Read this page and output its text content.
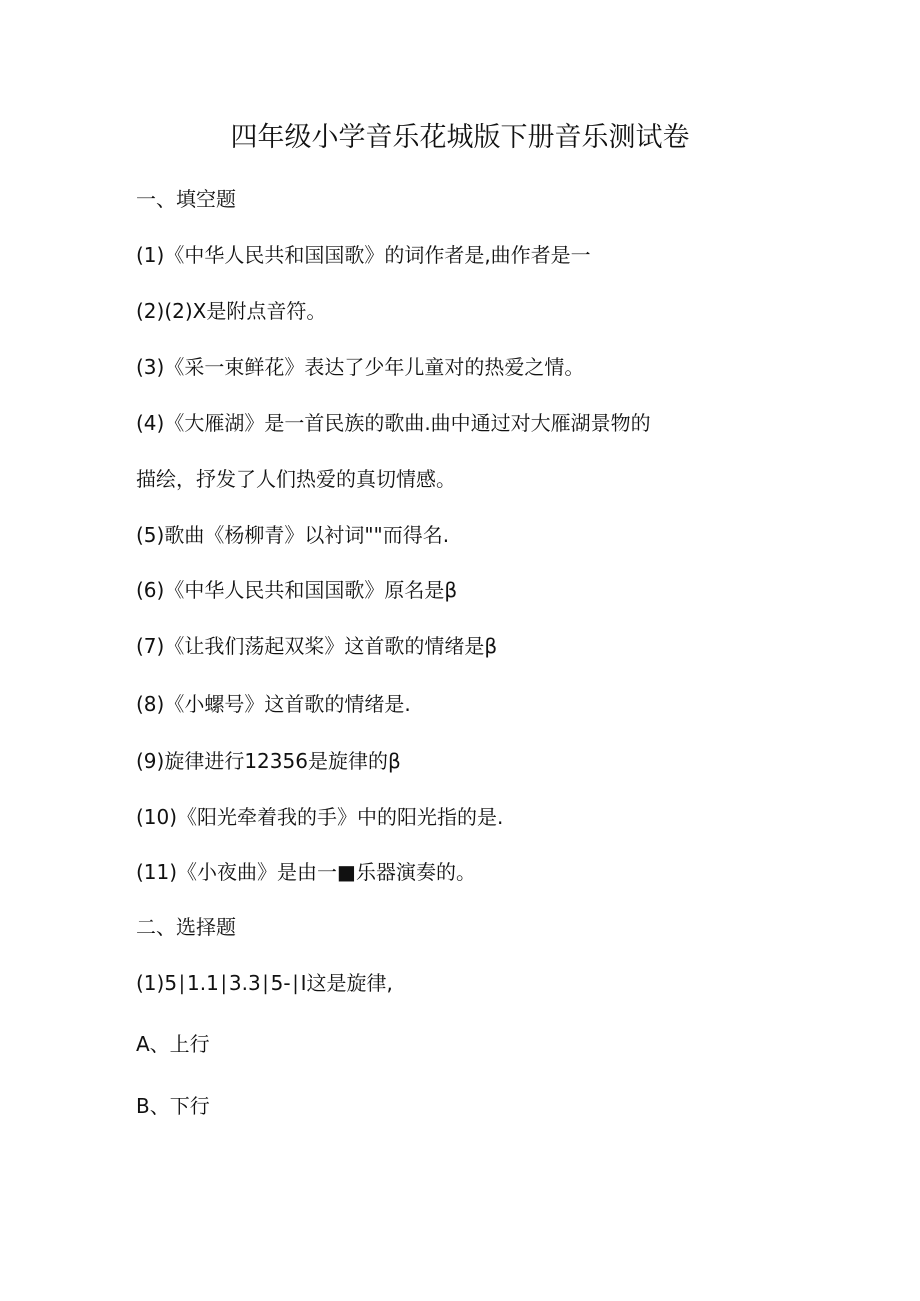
四年级小学音乐花城版下册音乐测试卷
一、填空题
(1)《中华人民共和国国歌》的词作者是,曲作者是一
(2)(2)X是附点音符。
(3)《采一束鲜花》表达了少年儿童对的热爱之情。
(4)《大雁湖》是一首民族的歌曲.曲中通过对大雁湖景物的
描绘，抒发了人们热爱的真切情感。
(5)歌曲《杨柳青》以衬词""而得名.
(6)《中华人民共和国国歌》原名是β
(7)《让我们荡起双桨》这首歌的情绪是β
(8)《小螺号》这首歌的情绪是.
(9)旋律进行12356是旋律的β
(10)《阳光牵着我的手》中的阳光指的是.
(11)《小夜曲》是由一■乐器演奏的。
二、选择题
(1)5∣1.1∣3.3∣5-∣I这是旋律,
A、上行
B、下行
